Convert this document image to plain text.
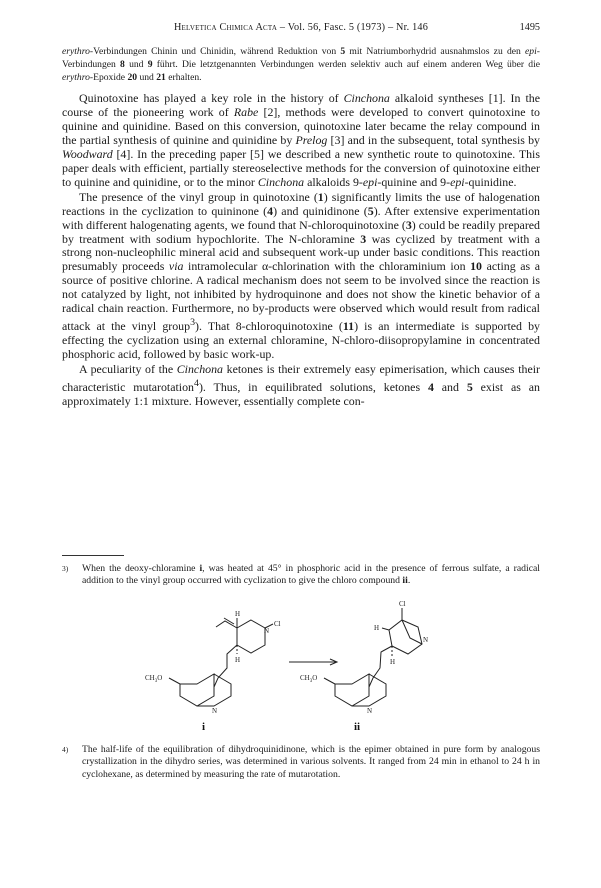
Helvetica Chimica Acta – Vol. 56, Fasc. 5 (1973) – Nr. 146	1495
erythro-Verbindungen Chinin und Chinidin, während Reduktion von 5 mit Natriumborhydrid ausnahmslos zu den epi-Verbindungen 8 und 9 führt. Die letztgenannten Verbindungen werden selektiv auch auf einem anderen Weg über die erythro-Epoxide 20 und 21 erhalten.

Quinotoxine has played a key role in the history of Cinchona alkaloid syntheses [1]. In the course of the pioneering work of Rabe [2], methods were developed to convert quinotoxine to quinine and quinidine. Based on this conversion, quinotoxine later became the relay compound in the partial synthesis of quinine and quinidine by Prelog [3] and in the subsequent, total synthesis by Woodward [4]. In the preceding paper [5] we described a new synthetic route to quinotoxine. This paper deals with efficient, partially stereoselective methods for the conversion of quinotoxine either to quinine and quinidine, or to the minor Cinchona alkaloids 9-epi-quinine and 9-epi-quinidine.

The presence of the vinyl group in quinotoxine (1) significantly limits the use of halogenation reactions in the cyclization to quininone (4) and quinidinone (5). After extensive experimentation with different halogenating agents, we found that N-chloroquinotoxine (3) could be readily prepared by treatment with sodium hypochlorite. The N-chloramine 3 was cyclized by treatment with a strong non-nucleophilic mineral acid and subsequent work-up under basic conditions. This reaction presumably proceeds via intramolecular α-chlorination with the chloraminium ion 10 acting as a source of positive chlorine. A radical mechanism does not seem to be involved since the reaction is not catalyzed by light, not inhibited by hydroquinone and does not show the kinetic behavior of a radical chain reaction. Furthermore, no by-products were observed which would result from radical attack at the vinyl group$^3$). That 8-chloroquinotoxine (11) is an intermediate is supported by effecting the cyclization using an external chloramine, N-chloro-diisopropylamine in concentrated phosphoric acid, followed by basic work-up.

A peculiarity of the Cinchona ketones is their extremely easy epimerisation, which causes their characteristic mutarotation$^4$). Thus, in equilibrated solutions, ketones 4 and 5 exist as an approximately 1:1 mixture. However, essentially complete con-

3) When the deoxy-chloramine i, was heated at 45° in phosphoric acid in the presence of ferrous sulfate, a radical addition to the vinyl group occurred with cyclization to give the chloro compound ii.
H
N
Cl
H
$CH_3O$
N
Cl
H
N
H
$CH_3O$
N
i	ii
4) The half-life of the equilibration of dihydroquinidinone, which is the epimer obtained in pure form by analogous crystallization in the dihydro series, was determined in various solvents. It ranged from 24 min in ethanol to 24 h in cyclohexane, as determined by measuring the rate of mutarotation.
